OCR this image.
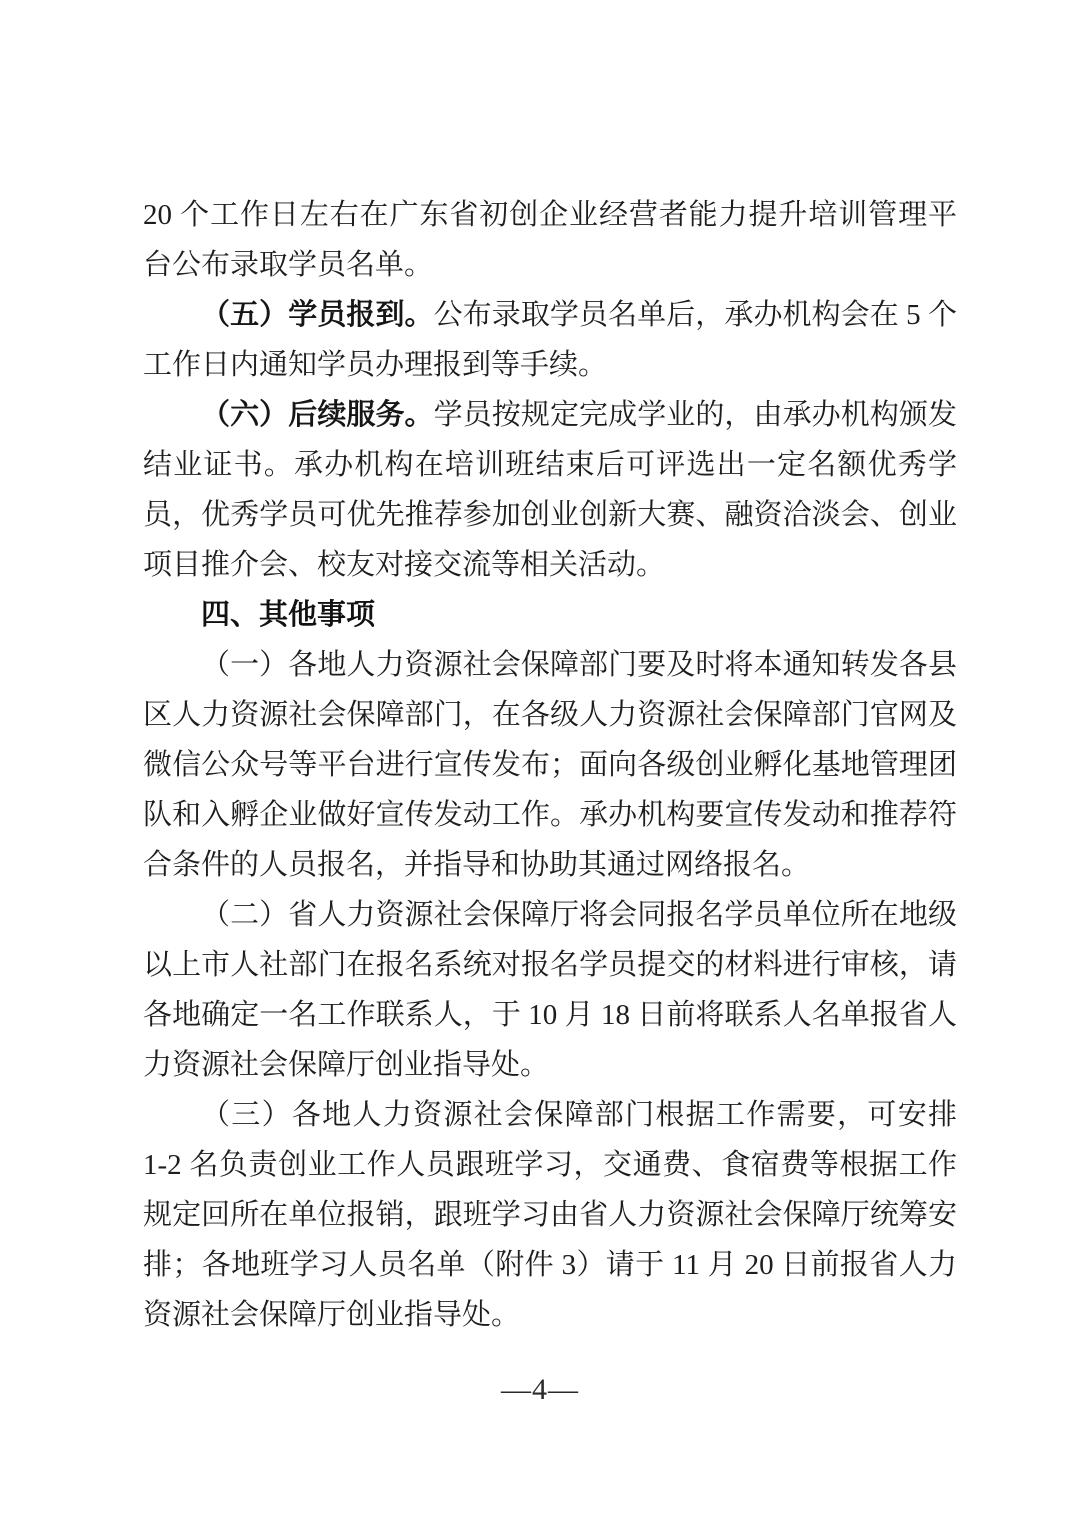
20 个工作日左右在广东省初创企业经营者能力提升培训管理平台公布录取学员名单。

（五）学员报到。公布录取学员名单后，承办机构会在 5 个工作日内通知学员办理报到等手续。

（六）后续服务。学员按规定完成学业的，由承办机构颁发结业证书。承办机构在培训班结束后可评选出一定名额优秀学员，优秀学员可优先推荐参加创业创新大赛、融资洽淡会、创业项目推介会、校友对接交流等相关活动。

四、其他事项

（一）各地人力资源社会保障部门要及时将本通知转发各县区人力资源社会保障部门，在各级人力资源社会保障部门官网及微信公众号等平台进行宣传发布；面向各级创业孵化基地管理团队和入孵企业做好宣传发动工作。承办机构要宣传发动和推荐符合条件的人员报名，并指导和协助其通过网络报名。

（二）省人力资源社会保障厅将会同报名学员单位所在地级以上市人社部门在报名系统对报名学员提交的材料进行审核，请各地确定一名工作联系人，于 10 月 18 日前将联系人名单报省人力资源社会保障厅创业指导处。

（三）各地人力资源社会保障部门根据工作需要，可安排 1-2 名负责创业工作人员跟班学习，交通费、食宿费等根据工作规定回所在单位报销，跟班学习由省人力资源社会保障厅统筹安排；各地班学习人员名单（附件 3）请于 11 月 20 日前报省人力资源社会保障厅创业指导处。

—4—
